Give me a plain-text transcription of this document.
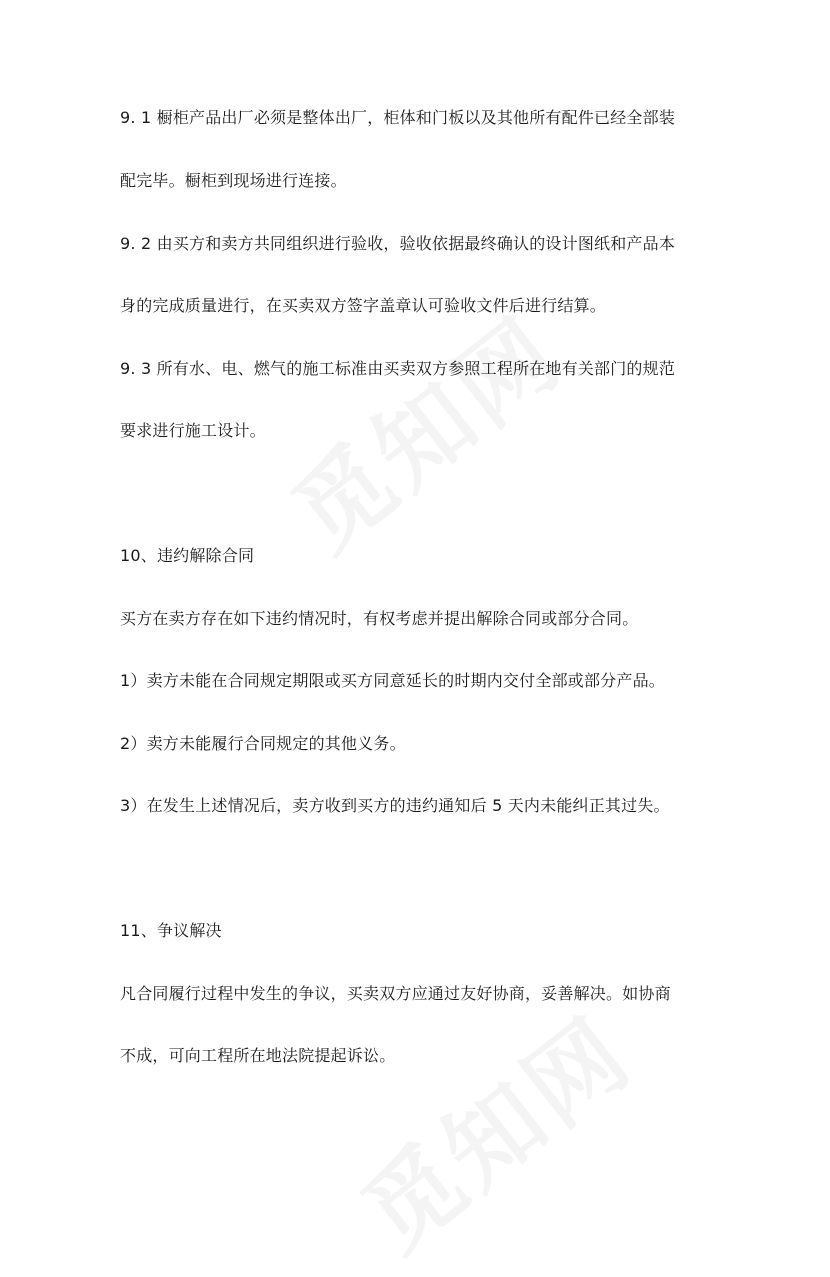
9. 1 橱柜产品出厂必须是整体出厂，柜体和门板以及其他所有配件已经全部装
配完毕。橱柜到现场进行连接。
9. 2 由买方和卖方共同组织进行验收，验收依据最终确认的设计图纸和产品本
身的完成质量进行，在买卖双方签字盖章认可验收文件后进行结算。
9. 3 所有水、电、燃气的施工标准由买卖双方参照工程所在地有关部门的规范
要求进行施工设计。
10、违约解除合同
买方在卖方存在如下违约情况时，有权考虑并提出解除合同或部分合同。
1）卖方未能在合同规定期限或买方同意延长的时期内交付全部或部分产品。
2）卖方未能履行合同规定的其他义务。
3）在发生上述情况后，卖方收到买方的违约通知后 5 天内未能纠正其过失。
11、争议解决
凡合同履行过程中发生的争议，买卖双方应通过友好协商，妥善解决。如协商
不成，可向工程所在地法院提起诉讼。
